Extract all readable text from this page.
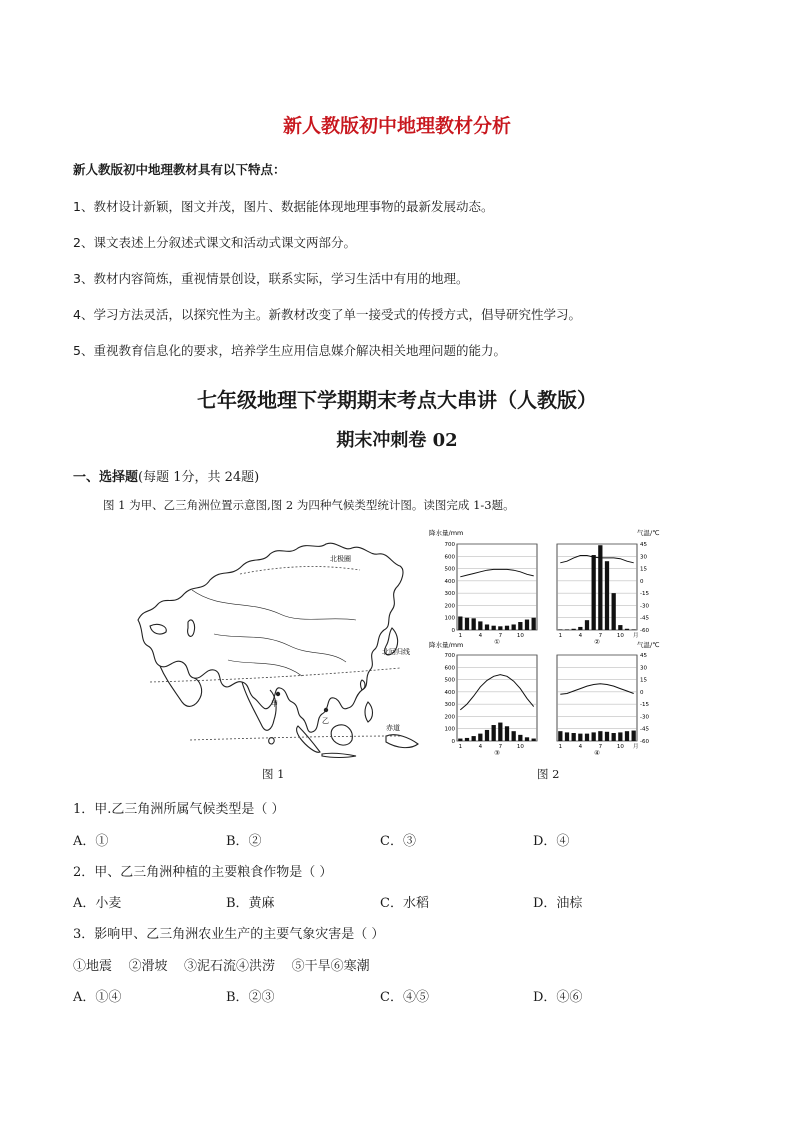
新人教版初中地理教材分析
新人教版初中地理教材具有以下特点：
1、教材设计新颖，图文并茂，图片、数据能体现地理事物的最新发展动态。
2、课文表述上分叙述式课文和活动式课文两部分。
3、教材内容简炼，重视情景创设，联系实际，学习生活中有用的地理。
4、学习方法灵活，以探究性为主。新教材改变了单一接受式的传授方式，倡导研究性学习。
5、重视教育信息化的要求，培养学生应用信息媒介解决相关地理问题的能力。
七年级地理下学期期末考点大串讲（人教版）
期末冲刺卷 02
一、选择题(每题 1分，共 24题)
图 1 为甲、乙三角洲位置示意图,图 2 为四种气候类型统计图。读图完成 1-3题。
北极圈
北回归线
赤道
甲
乙
图 1
降水量/mm	气温/℃
降水量/mm	气温/℃
0
100
200
300
400
500
600
700
1	4	7	10
①
-60
-45
-30
-15
0
15
30
45
1	4	7	10 月
②
0
100
200
300
400
500
600
700
1	4	7	10
③
-60
-45
-30
-15
0
15
30
45
1	4	7	10 月
④
图 2
1．甲.乙三角洲所属气候类型是（ ）
A．①	B．②	C．③	D．④
2．甲、乙三角洲种植的主要粮食作物是（ ）
A．小麦	B．黄麻	C．水稻	D．油棕
3．影响甲、乙三角洲农业生产的主要气象灾害是（ ）
①地震    ②滑坡    ③泥石流④洪涝    ⑤干旱⑥寒潮
A．①④	B．②③	C．④⑤	D．④⑥
